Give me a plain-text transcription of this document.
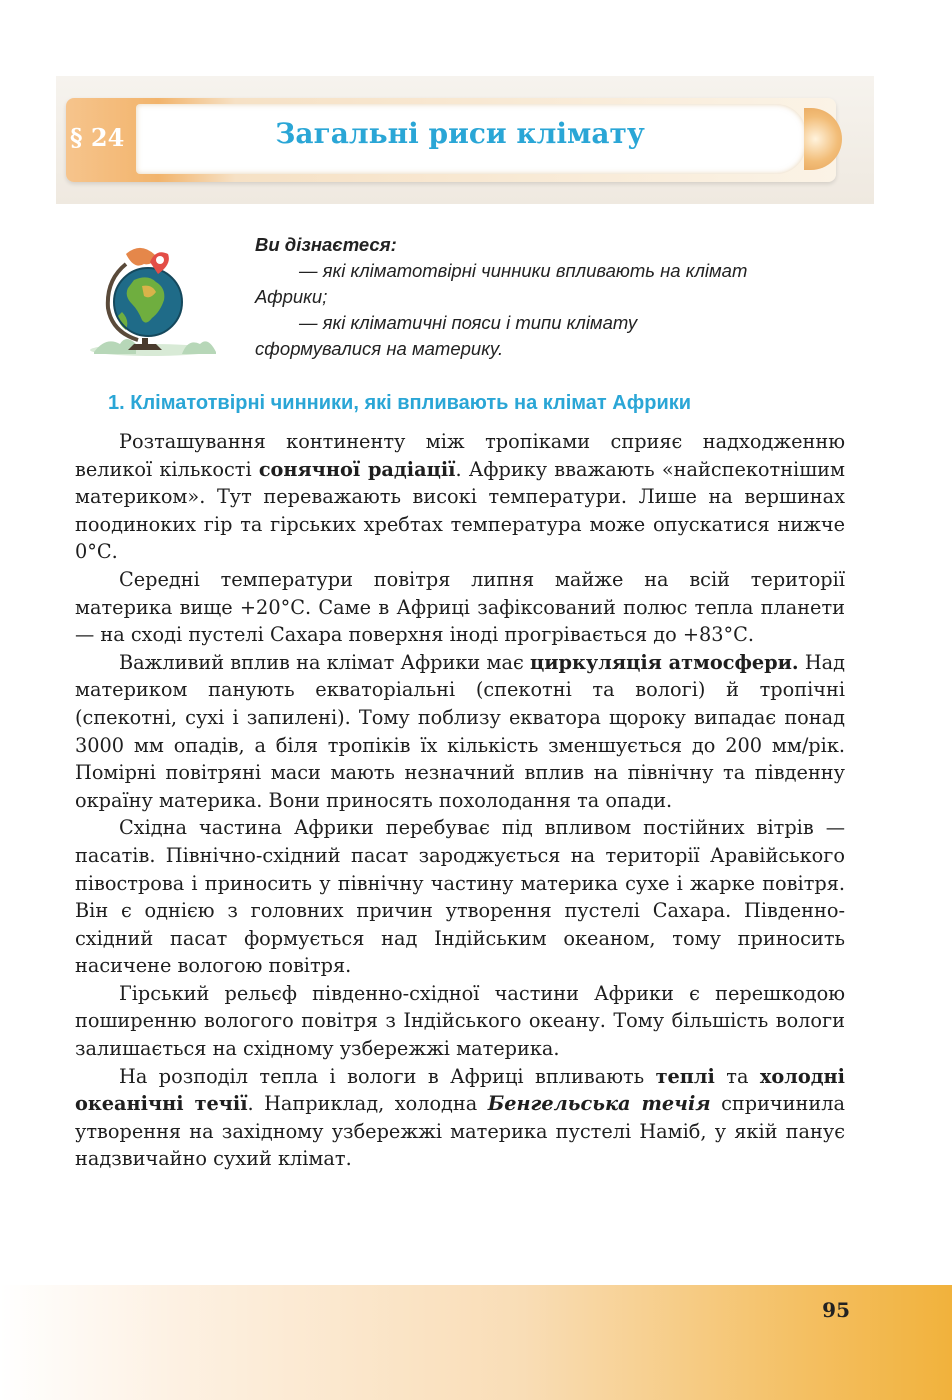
§ 24	Загальні риси клімату
Ви дізнаєтеся:
— які кліматотвірні чинники впливають на клімат
Африки;
— які кліматичні пояси і типи клімату
сформувалися на материку.
1. Кліматотвірні чинники, які впливають на клімат Африки

Розташування континенту між тропіками сприяє надходженню великої кількості сонячної радіації. Африку вважають «найспекотнішим материком». Тут переважають високі температури. Лише на вершинах поодиноких гір та гірських хребтах температура може опускатися нижче 0°С.

Середні температури повітря липня майже на всій території материка вище +20°С. Саме в Африці зафіксований полюс тепла планети — на сході пустелі Сахара поверхня іноді прогрівається до +83°С.

Важливий вплив на клімат Африки має циркуляція атмосфери. Над материком панують екваторіальні (спекотні та вологі) й тропічні (спекотні, сухі і запилені). Тому поблизу екватора щороку випадає понад 3000 мм опадів, а біля тропіків їх кількість зменшується до 200 мм/рік. Помірні повітряні маси мають незначний вплив на північну та південну окраїну материка. Вони приносять похолодання та опади.

Східна частина Африки перебуває під впливом постійних вітрів — пасатів. Північно-східний пасат зароджується на території Аравійського півострова і приносить у північну частину материка сухе і жарке повітря. Він є однією з головних причин утворення пустелі Сахара. Південно-східний пасат формується над Індійським океаном, тому приносить насичене вологою повітря.

Гірський рельєф південно-східної частини Африки є перешкодою поширенню вологого повітря з Індійського океану. Тому більшість вологи залишається на східному узбережжі материка.

На розподіл тепла і вологи в Африці впливають теплі та холодні океанічні течії. Наприклад, холодна Бенгельська течія спричинила утворення на західному узбережжі материка пустелі Наміб, у якій панує надзвичайно сухий клімат.

95
